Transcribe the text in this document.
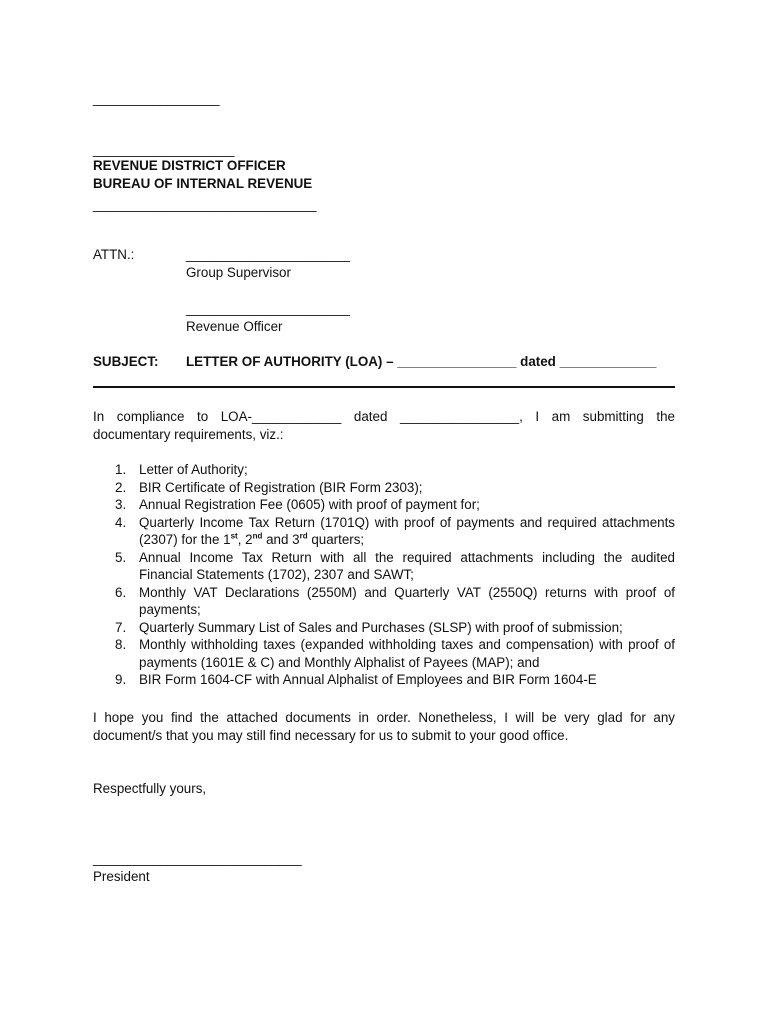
_________________
___________________
REVENUE DISTRICT OFFICER
BUREAU OF INTERNAL REVENUE
______________________________
ATTN.:	______________________
Group Supervisor
______________________
Revenue Officer
SUBJECT: LETTER OF AUTHORITY (LOA) – ________________ dated _____________
In compliance to LOA-____________ dated ________________, I am submitting the
documentary requirements, viz.:
1. Letter of Authority;
2. BIR Certificate of Registration (BIR Form 2303);
3. Annual Registration Fee (0605) with proof of payment for;
4. Quarterly Income Tax Return (1701Q) with proof of payments and required attachments (2307) for the 1st, 2nd and 3rd quarters;
5. Annual Income Tax Return with all the required attachments including the audited Financial Statements (1702), 2307 and SAWT;
6. Monthly VAT Declarations (2550M) and Quarterly VAT (2550Q) returns with proof of payments;
7. Quarterly Summary List of Sales and Purchases (SLSP) with proof of submission;
8. Monthly withholding taxes (expanded withholding taxes and compensation) with proof of payments (1601E & C) and Monthly Alphalist of Payees (MAP); and
9. BIR Form 1604-CF with Annual Alphalist of Employees and BIR Form 1604-E
I hope you find the attached documents in order. Nonetheless, I will be very glad for any document/s that you may still find necessary for us to submit to your good office.
Respectfully yours,
____________________________
President
